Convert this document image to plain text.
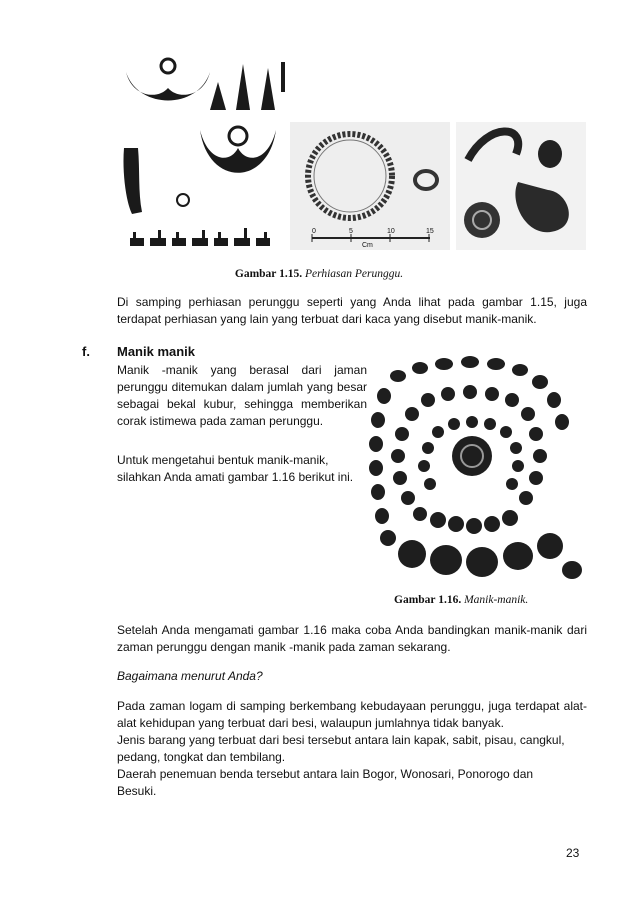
0	5	10	15
Cm
Gambar 1.15. Perhiasan Perunggu.

Di samping perhiasan perunggu seperti yang Anda lihat pada gambar 1.15, juga terdapat perhiasan yang lain yang terbuat dari kaca yang disebut manik-manik.

f. Manik manik

Manik -manik yang berasal dari jaman perunggu ditemukan dalam jumlah yang besar sebagai bekal kubur, sehingga memberikan corak istimewa pada zaman perunggu.

Untuk mengetahui bentuk manik-manik, silahkan Anda amati gambar 1.16 berikut ini.

Gambar 1.16. Manik-manik.

Setelah Anda mengamati gambar 1.16 maka coba Anda bandingkan manik-manik dari zaman perunggu dengan manik -manik pada zaman sekarang.

Bagaimana menurut Anda?

Pada zaman logam di samping berkembang kebudayaan perunggu, juga terdapat alat-alat kehidupan yang terbuat dari besi, walaupun jumlahnya tidak banyak.

Jenis barang yang terbuat dari besi tersebut antara lain kapak, sabit, pisau, cangkul, pedang, tongkat dan tembilang.

Daerah penemuan benda tersebut antara lain Bogor, Wonosari, Ponorogo dan Besuki.

23
